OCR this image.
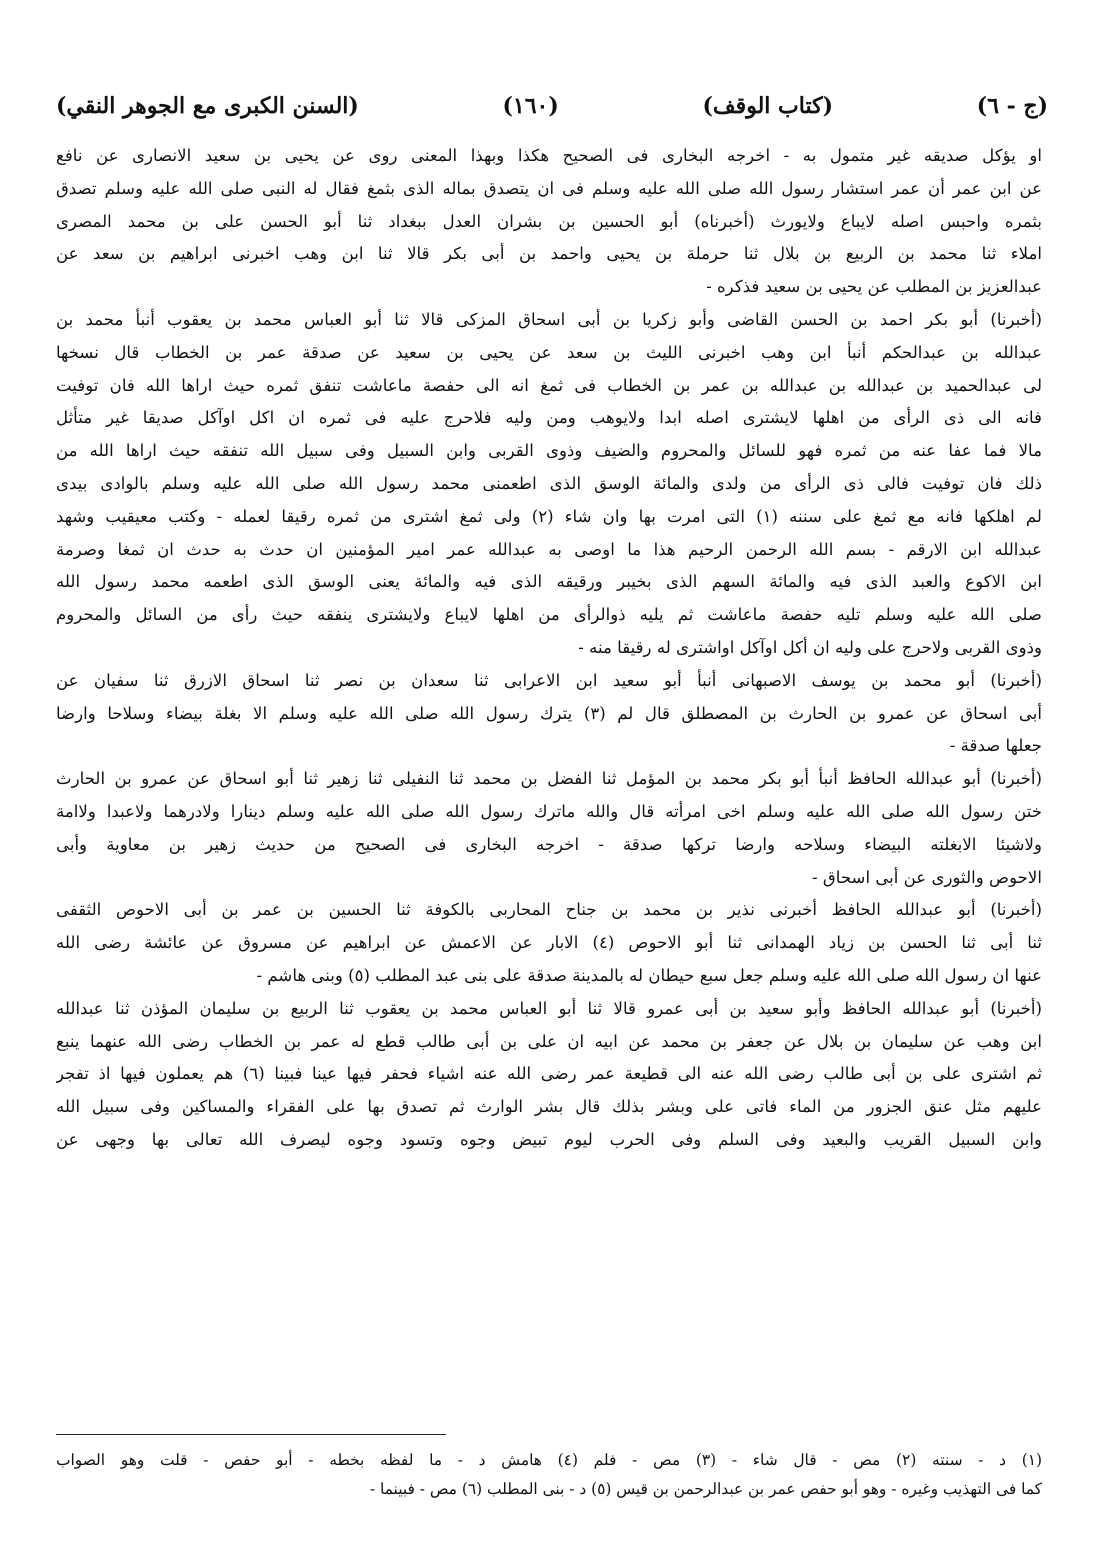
(السنن الكبرى مع الجوهر النقي)	(١٦٠)	(كتاب الوقف)	(ج - ٦)
او يؤكل صديقه غير متمول به - اخرجه البخارى فى الصحيح هكذا وبهذا المعنى روى عن يحيى بن سعيد الانصارى عن نافع
عن ابن عمر أن عمر استشار رسول الله صلى الله عليه وسلم فى ان يتصدق بماله الذى بثمغ فقال له النبى صلى الله عليه وسلم تصدق
بثمره واحبس اصله لايباع ولايورث (أخبرناه) أبو الحسين بن بشران العدل ببغداد ثنا أبو الحسن على بن محمد المصرى
املاء ثنا محمد بن الربيع بن بلال ثنا حرملة بن يحيى واحمد بن أبى بكر قالا ثنا ابن وهب اخبرنى ابراهيم بن سعد عن
عبدالعزيز بن المطلب عن يحيى بن سعيد فذكره -
(أخبرنا) أبو بكر احمد بن الحسن القاضى وأبو زكريا بن أبى اسحاق المزكى قالا ثنا أبو العباس محمد بن يعقوب أنبأ محمد بن
عبدالله بن عبدالحكم أنبأ ابن وهب اخبرنى الليث بن سعد عن يحيى بن سعيد عن صدقة عمر بن الخطاب قال نسخها
لى عبدالحميد بن عبدالله بن عبدالله بن عمر بن الخطاب فى ثمغ انه الى حفصة ماعاشت تنفق ثمره حيث اراها الله فان توفيت
فانه الى ذى الرأى من اهلها لايشترى اصله ابدا ولايوهب ومن وليه فلاحرج عليه فى ثمره ان اكل اوآكل صديقا غير متأثل
مالا فما عفا عنه من ثمره فهو للسائل والمحروم والضيف وذوى القربى وابن السبيل وفى سبيل الله تنفقه حيث اراها الله من
ذلك فان توفيت فالى ذى الرأى من ولدى والمائة الوسق الذى اطعمنى محمد رسول الله صلى الله عليه وسلم بالوادى بيدى
لم اهلكها فانه مع ثمغ على سننه (١) التى امرت بها وان شاء (٢) ولى ثمغ اشترى من ثمره رقيقا لعمله - وكتب معيقيب وشهد
عبدالله ابن الارقم - بسم الله الرحمن الرحيم هذا ما اوصى به عبدالله عمر امير المؤمنين ان حدث به حدث ان ثمغا وصرمة
ابن الاكوع والعبد الذى فيه والمائة السهم الذى بخيبر ورقيقه الذى فيه والمائة يعنى الوسق الذى اطعمه محمد رسول الله
صلى الله عليه وسلم تليه حفصة ماعاشت ثم يليه ذوالرأى من اهلها لايباع ولايشترى ينفقه حيث رأى من السائل والمحروم
وذوى القربى ولاحرج على وليه ان أكل اوآكل اواشترى له رقيقا منه -
(أخبرنا) أبو محمد بن يوسف الاصبهانى أنبأ أبو سعيد ابن الاعرابى ثنا سعدان بن نصر ثنا اسحاق الازرق ثنا سفيان عن
أبى اسحاق عن عمرو بن الحارث بن المصطلق قال لم (٣) يترك رسول الله صلى الله عليه وسلم الا بغلة بيضاء وسلاحا وارضا
جعلها صدقة -
(أخبرنا) أبو عبدالله الحافظ أنبأ أبو بكر محمد بن المؤمل ثنا الفضل بن محمد ثنا النفيلى ثنا زهير ثنا أبو اسحاق عن عمرو بن الحارث
ختن رسول الله صلى الله عليه وسلم اخى امرأته قال والله ماترك رسول الله صلى الله عليه وسلم دينارا ولادرهما ولاعبدا ولاامة
ولاشيئا الابغلته البيضاء وسلاحه وارضا تركها صدقة - اخرجه البخارى فى الصحيح من حديث زهير بن معاوية وأبى
الاحوص والثورى عن أبى اسحاق -
(أخبرنا) أبو عبدالله الحافظ أخبرنى نذير بن محمد بن جناح المحاربى بالكوفة ثنا الحسين بن عمر بن أبى الاحوص الثقفى
ثنا أبى ثنا الحسن بن زياد الهمدانى ثنا أبو الاحوص (٤) الابار عن الاعمش عن ابراهيم عن مسروق عن عائشة رضى الله
عنها ان رسول الله صلى الله عليه وسلم جعل سبع حيطان له بالمدينة صدقة على بنى عبد المطلب (٥) وبنى هاشم -
(أخبرنا) أبو عبدالله الحافظ وأبو سعيد بن أبى عمرو قالا ثنا أبو العباس محمد بن يعقوب ثنا الربيع بن سليمان المؤذن ثنا عبدالله
ابن وهب عن سليمان بن بلال عن جعفر بن محمد عن ابيه ان على بن أبى طالب قطع له عمر بن الخطاب رضى الله عنهما ينبع
ثم اشترى على بن أبى طالب رضى الله عنه الى قطيعة عمر رضى الله عنه اشياء فحفر فيها عينا فبينا (٦) هم يعملون فيها اذ تفجر
عليهم مثل عنق الجزور من الماء فاتى على وبشر بذلك قال بشر الوارث ثم تصدق بها على الفقراء والمساكين وفى سبيل الله
وابن السبيل القريب والبعيد وفى السلم وفى الحرب ليوم تبيض وجوه وتسود وجوه ليصرف الله تعالى بها وجهى عن
(١) د - سنته (٢) مص - قال شاء - (٣) مص - فلم (٤) هامش د - ما لفظه بخطه - أبو حفص - قلت وهو الصواب
كما فى التهذيب وغيره - وهو أبو حفص عمر بن عبدالرحمن بن قيس (٥) د - بنى المطلب (٦) مص - فبينما -
